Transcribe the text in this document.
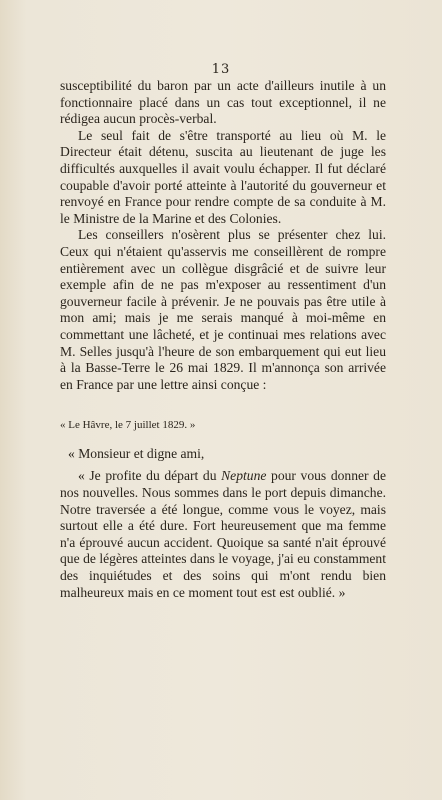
13

susceptibilité du baron par un acte d'ailleurs inutile à un fonctionnaire placé dans un cas tout exceptionnel, il ne rédigea aucun procès-verbal.

Le seul fait de s'être transporté au lieu où M. le Directeur était détenu, suscita au lieutenant de juge les difficultés auxquelles il avait voulu échapper. Il fut déclaré coupable d'avoir porté atteinte à l'autorité du gouverneur et renvoyé en France pour rendre compte de sa conduite à M. le Ministre de la Marine et des Colonies.

Les conseillers n'osèrent plus se présenter chez lui. Ceux qui n'étaient qu'asservis me conseillèrent de rompre entièrement avec un collègue disgrâcié et de suivre leur exemple afin de ne pas m'exposer au ressentiment d'un gouverneur facile à prévenir. Je ne pouvais pas être utile à mon ami; mais je me serais manqué à moi-même en commettant une lâcheté, et je continuai mes relations avec M. Selles jusqu'à l'heure de son embarquement qui eut lieu à la Basse-Terre le 26 mai 1829. Il m'annonça son arrivée en France par une lettre ainsi conçue :

« Le Hâvre, le 7 juillet 1829. »

« Monsieur et digne ami,

« Je profite du départ du Neptune pour vous donner de nos nouvelles. Nous sommes dans le port depuis dimanche. Notre traversée a été longue, comme vous le voyez, mais surtout elle a été dure. Fort heureusement que ma femme n'a éprouvé aucun accident. Quoique sa santé n'ait éprouvé que de légères atteintes dans le voyage, j'ai eu constamment des inquiétudes et des soins qui m'ont rendu bien malheureux mais en ce moment tout est est oublié. »
